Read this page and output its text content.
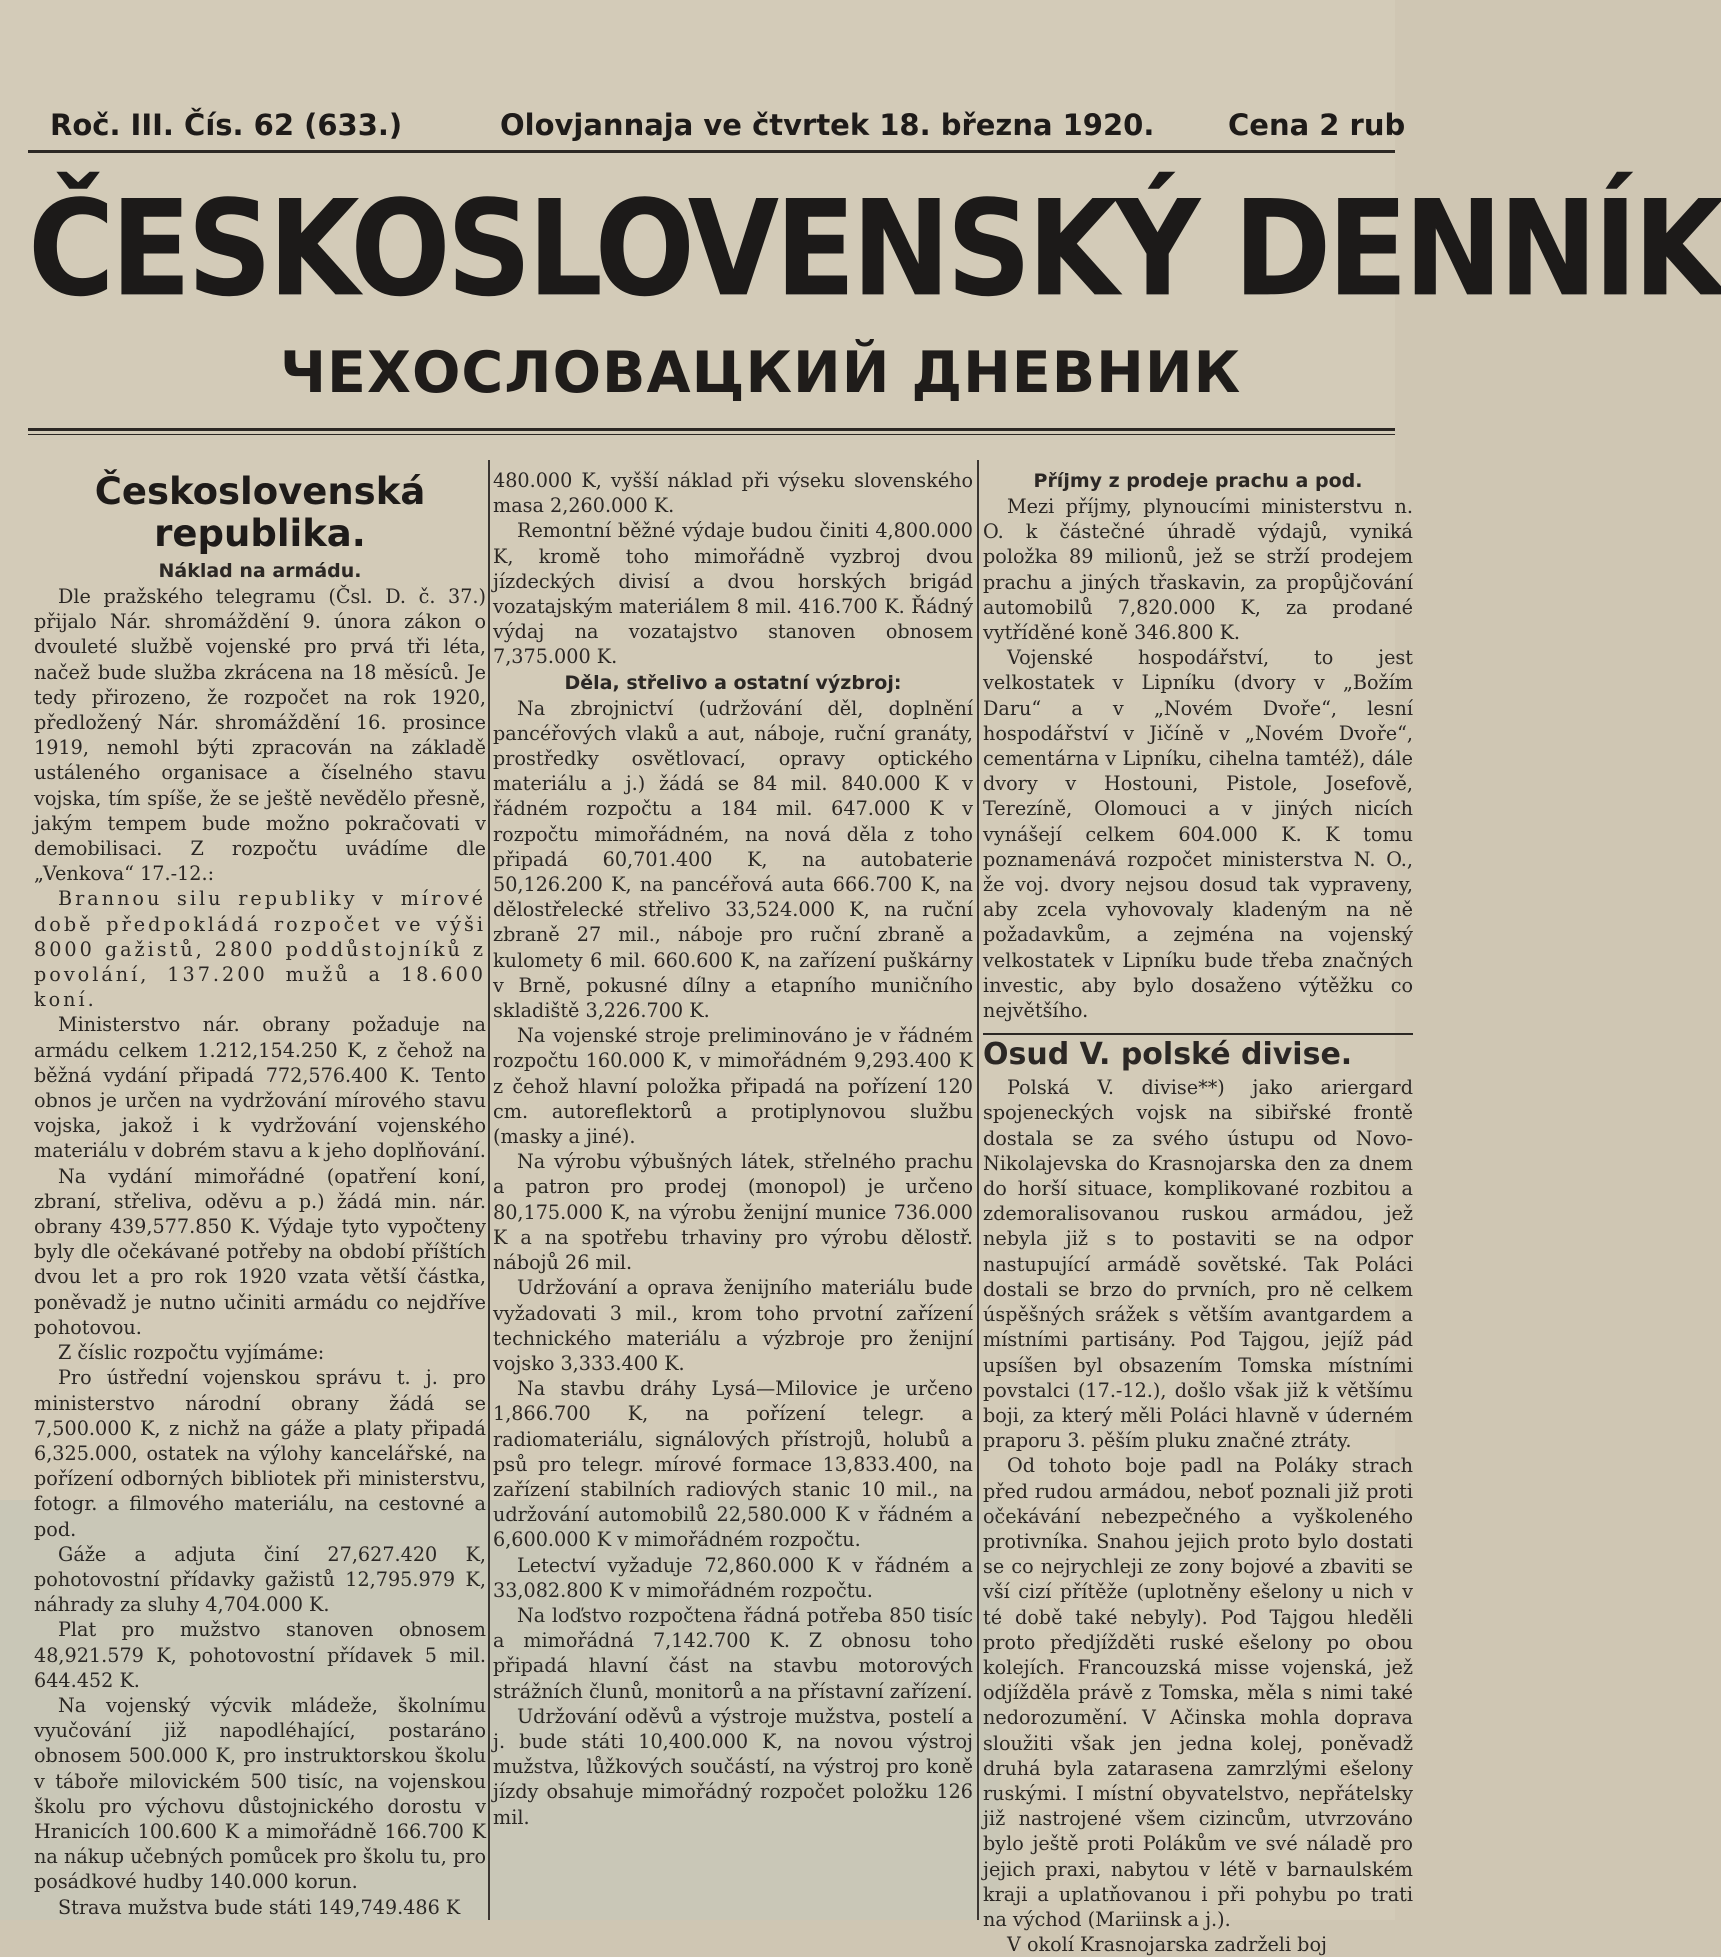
Roč. III. Čís. 62 (633.)	Olovjannaja ve čtvrtek 18. března 1920.	Cena 2 rub
ČESKOSLOVENSKÝ DENNÍK
ЧЕХОСЛОВАЦКИЙ ДНЕВНИК

Československá

republika.

Náklad na armádu.

Dle pražského telegramu (Čsl. D. č. 37.) přijalo Nár. shromáždění 9. února zákon o dvouleté službě vojenské pro prvá tři léta, načež bude služba zkrácena na 18 měsíců. Je tedy přirozeno, že rozpočet na rok 1920, předložený Nár. shromáždění 16. prosince 1919, nemohl býti zpracován na základě ustáleného organisace a číselného stavu vojska, tím spíše, že se ještě nevědělo přesně, jakým tempem bude možno pokračovati v demobilisaci. Z rozpočtu uvádíme dle „Venkova“ 17.-12.:

Brannou silu republiky v mírové době předpokládá rozpočet ve výši 8000 gažistů, 2800 poddůstojníků z povolání, 137.200 mužů a 18.600 koní.

Ministerstvo nár. obrany požaduje na armádu celkem 1.212,154.250 K, z čehož na běžná vydání připadá 772,576.400 K. Tento obnos je určen na vydržování mírového stavu vojska, jakož i k vydržování vojenského materiálu v dobrém stavu a k jeho doplňování.

Na vydání mimořádné (opatření koní, zbraní, střeliva, oděvu a p.) žádá min. nár. obrany 439,577.850 K. Výdaje tyto vypočteny byly dle očekávané potřeby na období příštích dvou let a pro rok 1920 vzata větší částka, poněvadž je nutno učiniti armádu co nejdříve pohotovou.

Z číslic rozpočtu vyjímáme:

Pro ústřední vojenskou správu t. j. pro ministerstvo národní obrany žádá se 7,500.000 K, z nichž na gáže a platy připadá 6,325.000, ostatek na výlohy kancelářské, na pořízení odborných bibliotek při ministerstvu, fotogr. a filmového materiálu, na cestovné a pod.

Gáže a adjuta činí 27,627.420 K, pohotovostní přídavky gažistů 12,795.979 K, náhrady za sluhy 4,704.000 K.

Plat pro mužstvo stanoven obnosem 48,921.579 K, pohotovostní přídavek 5 mil. 644.452 K.

Na vojenský výcvik mládeže, školnímu vyučování již napodléhající, postaráno obnosem 500.000 K, pro instruktorskou školu v táboře milovickém 500 tisíc, na vojenskou školu pro výchovu důstojnického dorostu v Hranicích 100.600 K a mimořádně 166.700 K na nákup učebných pomůcek pro školu tu, pro posádkové hudby 140.000 korun.

Strava mužstva bude státi 149,749.486 K

480.000 K, vyšší náklad při výseku slovenského masa 2,260.000 K.

Remontní běžné výdaje budou činiti 4,800.000 K, kromě toho mimořádně vyzbroj dvou jízdeckých divisí a dvou horských brigád vozatajským materiálem 8 mil. 416.700 K. Řádný výdaj na vozatajstvo stanoven obnosem 7,375.000 K.

Děla, střelivo a ostatní výzbroj:

Na zbrojnictví (udržování děl, doplnění pancéřových vlaků a aut, náboje, ruční granáty, prostředky osvětlovací, opravy optického materiálu a j.) žádá se 84 mil. 840.000 K v řádném rozpočtu a 184 mil. 647.000 K v rozpočtu mimořádném, na nová děla z toho připadá 60,701.400 K, na autobaterie 50,126.200 K, na pancéřová auta 666.700 K, na dělostřelecké střelivo 33,524.000 K, na ruční zbraně 27 mil., náboje pro ruční zbraně a kulomety 6 mil. 660.600 K, na zařízení puškárny v Brně, pokusné dílny a etapního muničního skladiště 3,226.700 K.

Na vojenské stroje preliminováno je v řádném rozpočtu 160.000 K, v mimořádném 9,293.400 K z čehož hlavní položka připadá na pořízení 120 cm. autoreflektorů a protiplynovou službu (masky a jiné).

Na výrobu výbušných látek, střelného prachu a patron pro prodej (monopol) je určeno 80,175.000 K, na výrobu ženijní munice 736.000 K a na spotřebu trhaviny pro výrobu dělostř. nábojů 26 mil.

Udržování a oprava ženijního materiálu bude vyžadovati 3 mil., krom toho prvotní zařízení technického materiálu a výzbroje pro ženijní vojsko 3,333.400 K.

Na stavbu dráhy Lysá—Milovice je určeno 1,866.700 K, na pořízení telegr. a radiomateriálu, signálových přístrojů, holubů a psů pro telegr. mírové formace 13,833.400, na zařízení stabilních radiových stanic 10 mil., na udržování automobilů 22,580.000 K v řádném a 6,600.000 K v mimořádném rozpočtu.

Letectví vyžaduje 72,860.000 K v řádném a 33,082.800 K v mimořádném rozpočtu.

Na loďstvo rozpočtena řádná potřeba 850 tisíc a mimořádná 7,142.700 K. Z obnosu toho připadá hlavní část na stavbu motorových strážních člunů, monitorů a na přístavní zařízení.

Udržování oděvů a výstroje mužstva, postelí a j. bude státi 10,400.000 K, na novou výstroj mužstva, lůžkových součástí, na výstroj pro koně jízdy obsahuje mimořádný rozpočet položku 126 mil.

Příjmy z prodeje prachu a pod.

Mezi příjmy, plynoucími ministerstvu n. O. k částečné úhradě výdajů, vyniká položka 89 milionů, jež se strží prodejem prachu a jiných třaskavin, za propůjčování automobilů 7,820.000 K, za prodané vytříděné koně 346.800 K.

Vojenské hospodářství, to jest velkostatek v Lipníku (dvory v „Božím Daru“ a v „Novém Dvoře“, lesní hospodářství v Jičíně v „Novém Dvoře“, cementárna v Lipníku, cihelna tamtéž), dále dvory v Hostouni, Pistole, Josefově, Terezíně, Olomouci a v jiných nicích vynášejí celkem 604.000 K. K tomu poznamenává rozpočet ministerstva N. O., že voj. dvory nejsou dosud tak vypraveny, aby zcela vyhovovaly kladeným na ně požadavkům, a zejména na vojenský velkostatek v Lipníku bude třeba značných investic, aby bylo dosaženo výtěžku co největšího.

Osud V. polské divise.

Polská V. divise**) jako ariergard spojeneckých vojsk na sibiřské frontě dostala se za svého ústupu od Novo-Nikolajevska do Krasnojarska den za dnem do horší situace, komplikované rozbitou a zdemoralisovanou ruskou armádou, jež nebyla již s to postaviti se na odpor nastupující armádě sovětské. Tak Poláci dostali se brzo do prvních, pro ně celkem úspěšných srážek s větším avantgardem a místními partisány. Pod Tajgou, jejíž pád upsíšen byl obsazením Tomska místními povstalci (17.-12.), došlo však již k většímu boji, za který měli Poláci hlavně v úderném praporu 3. pěším pluku značné ztráty.

Od tohoto boje padl na Poláky strach před rudou armádou, neboť poznali již proti očekávání nebezpečného a vyškoleného protivníka. Snahou jejich proto bylo dostati se co nejrychleji ze zony bojové a zbaviti se vší cizí přítěže (uplotněny ešelony u nich v té době také nebyly). Pod Tajgou hleděli proto předjížděti ruské ešelony po obou kolejích. Francouzská misse vojenská, jež odjížděla právě z Tomska, měla s nimi také nedorozumění. V Ačinska mohla doprava sloužiti však jen jedna kolej, poněvadž druhá byla zatarasena zamrzlými ešelony ruskými. I místní obyvatelstvo, nepřátelsky již nastrojené všem cizincům, utvrzováno bylo ještě proti Polákům ve své náladě pro jejich praxi, nabytou v létě v barnaulském kraji a uplatňovanou i při pohybu po trati na východ (Mariinsk a j.).

V okolí Krasnojarska zadrželi boj
